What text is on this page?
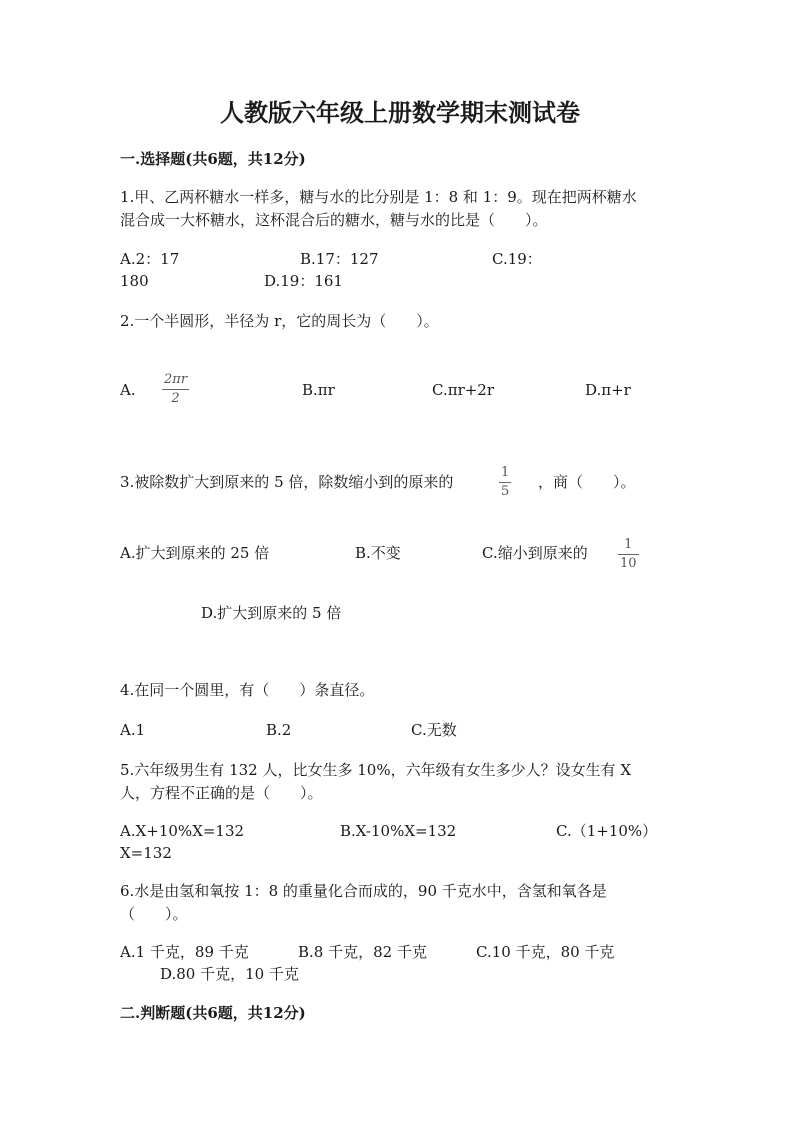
人教版六年级上册数学期末测试卷
一.选择题(共6题，共12分)
1.甲、乙两杯糖水一样多，糖与水的比分别是 1：8 和 1：9。现在把两杯糖水
混合成一大杯糖水，这杯混合后的糖水，糖与水的比是（　　）。
A.2：17	B.17：127	C.19：
180	D.19：161
2.一个半圆形，半径为 r，它的周长为（　　）。
A.
2πr
2	B.πr	C.πr+2r	D.π+r
3.被除数扩大到原来的 5 倍，除数缩小到的原来的
1
5
，商（　　）。
A.扩大到原来的 25 倍	B.不变	C.缩小到原来的	1
10
D.扩大到原来的 5 倍
4.在同一个圆里，有（　　）条直径。
A.1	B.2	C.无数
5.六年级男生有 132 人，比女生多 10%，六年级有女生多少人？设女生有 X
人，方程不正确的是（　　）。
A.X+10%X=132	B.X-10%X=132	C.（1+10%）
X=132
6.水是由氢和氧按 1：8 的重量化合而成的，90 千克水中，含氢和氧各是
（　　）。
A.1 千克，89 千克	B.8 千克，82 千克	C.10 千克，80 千克
D.80 千克，10 千克
二.判断题(共6题，共12分)
